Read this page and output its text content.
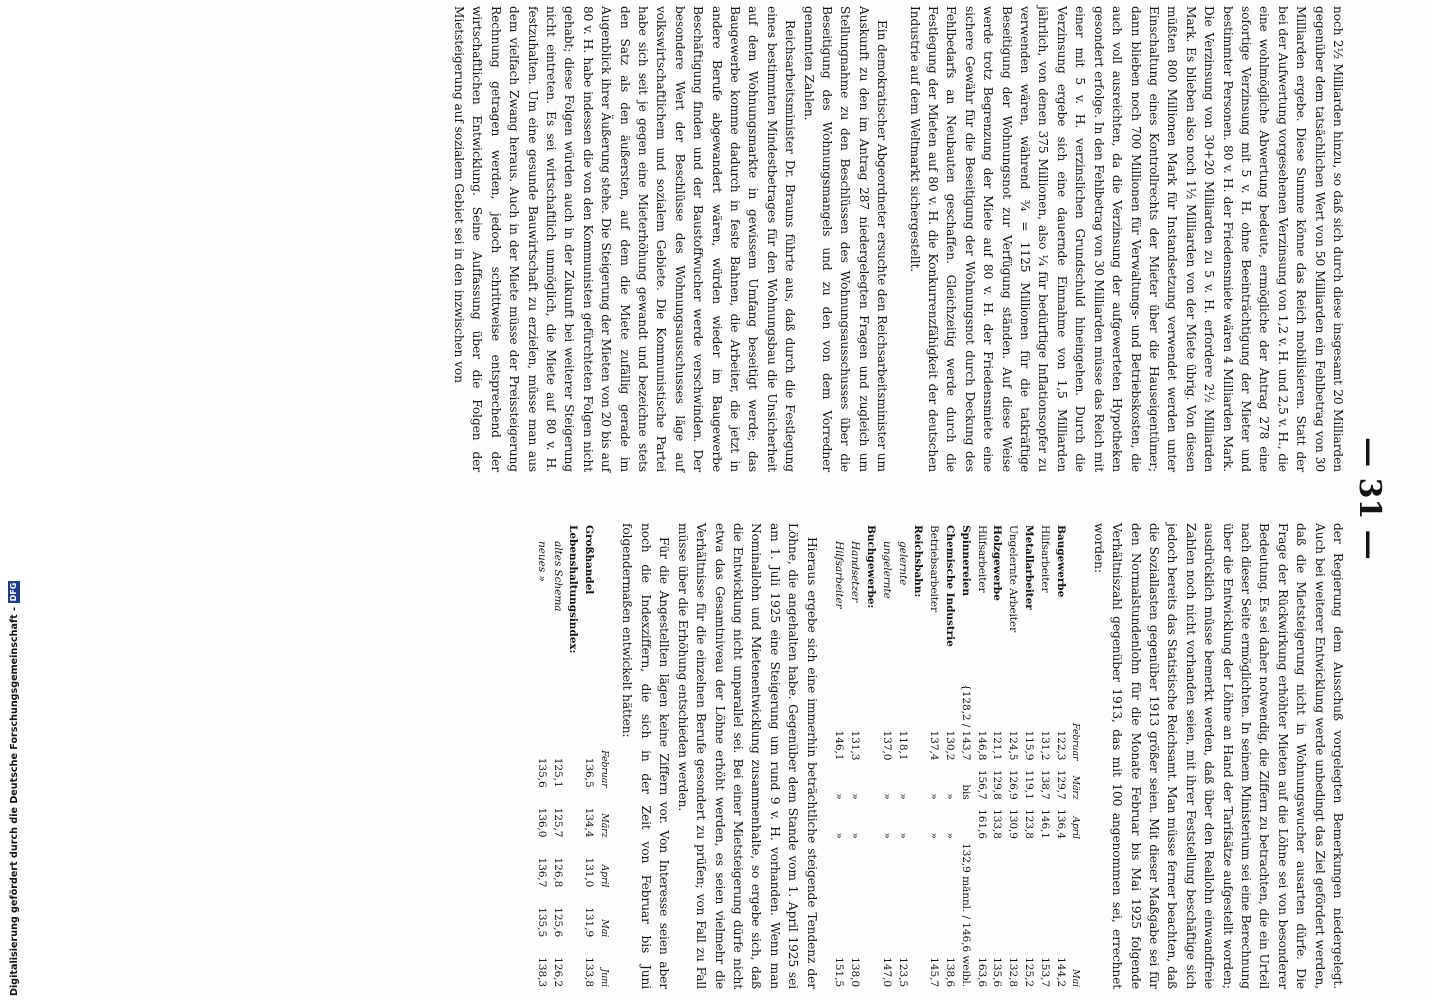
Digitalisierung gefördert durch die Deutsche Forschungsgemeinschaft -
DFG
— 31 —

noch 2½ Milliarden hinzu, so daß sich durch diese insgesamt 20 Milliarden gegenüber dem tatsächlichen Wert von 50 Milliarden ein Fehlbetrag von 30 Milliarden ergebe. Diese Summe könne das Reich mobilisieren. Statt der bei der Aufwertung vorgesehenen Verzinsung von 1,2 v. H. und 2,5 v. H., die eine wohlmögliche Abwertung bedeute, ermögliche der Antrag 278 eine sofortige Verzinsung mit 5 v. H. ohne Beeinträchtigung der Mieter und bestimmter Personen. 80 v. H. der Friedensmiete wären 4 Milliarden Mark. Die Verzinsung von 30+20 Milliarden zu 5 v. H. erfordere 2½ Milliarden Mark. Es blieben also noch 1½ Milliarden von der Miete übrig. Von diesen müßten 800 Millionen Mark für Instandsetzung verwendet werden unter Einschaltung eines Kontrollrechts der Mieter über die Hauseigentümer; dann blieben noch 700 Millionen für Verwaltungs- und Betriebskosten, die auch voll ausreichten, da die Verzinsung der aufgewerteten Hypotheken gesondert erfolge. In den Fehlbetrag von 30 Milliarden müsse das Reich mit einer mit 5 v. H. verzinslichen Grundschuld hineingehen. Durch die Verzinsung ergebe sich eine dauernde Einnahme von 1,5 Milliarden jährlich, von denen 375 Millionen, also ¼ für bedürftige Inflationsopfer zu verwenden wären, während ¾ = 1125 Millionen für die tatkräftige Beseitigung der Wohnungsnot zur Verfügung ständen. Auf diese Weise werde trotz Begrenzung der Miete auf 80 v. H. der Friedensmiete eine sichere Gewähr für die Beseitigung der Wohnungsnot durch Deckung des Fehlbedarfs an Neubauten geschaffen. Gleichzeitig werde durch die Festlegung der Mieten auf 80 v. H. die Konkurrenzfähigkeit der deutschen Industrie auf dem Weltmarkt sichergestellt.

Ein demokratischer Abgeordneter ersuchte den Reichsarbeitsminister um Auskunft zu den im Antrag 287 niedergelegten Fragen und zugleich um Stellungnahme zu den Beschlüssen des Wohnungsausschusses über die Beseitigung des Wohnungsmangels und zu den von dem Vorredner genannten Zahlen.

Reichsarbeitsminister Dr. Brauns führte aus, daß durch die Festlegung eines bestimmten Mindestbetrages für den Wohnungsbau die Unsicherheit auf dem Wohnungsmarkte in gewissem Umfang beseitigt werde; das Baugewerbe komme dadurch in feste Bahnen, die Arbeiter, die jetzt in andere Berufe abgewandert wären, würden wieder im Baugewerbe Beschäftigung finden und der Baustoffwucher werde verschwinden. Der besondere Wert der Beschlüsse des Wohnungsausschusses läge auf volkswirtschaftlichem und sozialem Gebiete. Die Kommunistische Partei habe sich seit je gegen eine Mieterhöhung gewandt und bezeichne stets den Satz als den äußersten, auf dem die Miete zufällig gerade im Augenblick ihrer Äußerung stehe. Die Steigerung der Mieten von 20 bis auf 80 v. H. habe indessen die von den Kommunisten gefürchteten Folgen nicht gehabt; diese Folgen würden auch in der Zukunft bei weiterer Steigerung nicht eintreten. Es sei wirtschaftlich unmöglich, die Miete auf 80 v. H. festzuhalten. Um eine gesunde Bauwirtschaft zu erzielen, müsse man aus dem vielfach Zwang heraus. Auch in der Miete müsse der Preissteigerung Rechnung getragen werden, jedoch schrittweise entsprechend der wirtschaftlichen Entwicklung. Seine Auffassung über die Folgen der Mietsteigerung auf sozialem Gebiet sei in den inzwischen von

der Regierung dem Ausschuß vorgelegten Bemerkungen niedergelegt. Auch bei weiterer Entwicklung werde unbedingt das Ziel gefördert werden, daß die Mietsteigerung nicht in Wohnungswucher ausarten dürfe. Die Frage der Rückwirkung erhöhter Mieten auf die Löhne sei von besonderer Bedeutung. Es sei daher notwendig, die Ziffern zu betrachten, die ein Urteil nach dieser Seite ermöglichten. In seinem Ministerium sei eine Berechnung über die Entwicklung der Löhne an Hand der Tarifsätze aufgestellt worden; ausdrücklich müsse bemerkt werden, daß über den Reallohn einwandfreie Zahlen noch nicht vorhanden seien, mit ihrer Feststellung beschäftige sich jedoch bereits das Statistische Reichsamt. Man müsse ferner beachten, daß die Soziallasten gegenüber 1913 größer seien. Mit dieser Maßgabe sei für den Normalstundenlohn für die Monate Februar bis Mai 1925 folgende Verhältniszahl gegenüber 1913, das mit 100 angenommen sei, errechnet worden:

	Februar	März	April	Mai
Baugewerbe	122,3	129,7	136,4	144,2
Hilfsarbeiter	131,2	138,7	146,1	153,7
Metallarbeiter	115,9	119,1	123,8	125,2
Ungelernte Arbeiter	124,5	126,9	130,9	132,8
Holzgewerbe	121,1	129,8	133,8	135,6
Hilfsarbeiter	146,8	156,7	161,6	163,6
Spinnereien	{128,2 / 143,7	bis		132,9 männl. / 146,6 weibl.
Chemische Industrie	130,2	»	»	138,6
Betriebsarbeiter	137,4	»	»	145,7
Reichsbahn:				
gelernte	118,1	»	»	123,5
ungelernte	137,0	»	»	147,0
Buchgewerbe:				
Handsetzer	131,3	»	»	138,0
Hilfsarbeiter	146,1	»	»	151,5

Hieraus ergebe sich eine immerhin beträchtliche steigende Tendenz der Löhne, die angehalten habe. Gegenüber dem Stande vom 1. April 1925 sei am 1. Juli 1925 eine Steigerung um rund 9 v. H. vorhanden. Wenn man Nominallohn und Mietenentwicklung zusammenhalte, so ergebe sich, daß die Entwicklung nicht unparallel sei. Bei einer Mietsteigerung dürfe nicht etwa das Gesamtniveau der Löhne erhöht werden, es seien vielmehr die Verhältnisse für die einzelnen Berufe gesondert zu prüfen; von Fall zu Fall müsse über die Erhöhung entschieden werden.

Für die Angestellten lägen keine Ziffern vor. Von Interesse seien aber noch die Indexziffern, die sich in der Zeit von Februar bis Juni folgendermaßen entwickelt hätten:

	Februar	März	April	Mai	Juni
Großhandel	136,5	134,4	131,0	131,9	133,8
Lebenshaltungsindex:					
altes Schema	125,1	125,7	126,8	125,6	126,2
neues »	135,6	136,0	136,7	135,5	138,3
